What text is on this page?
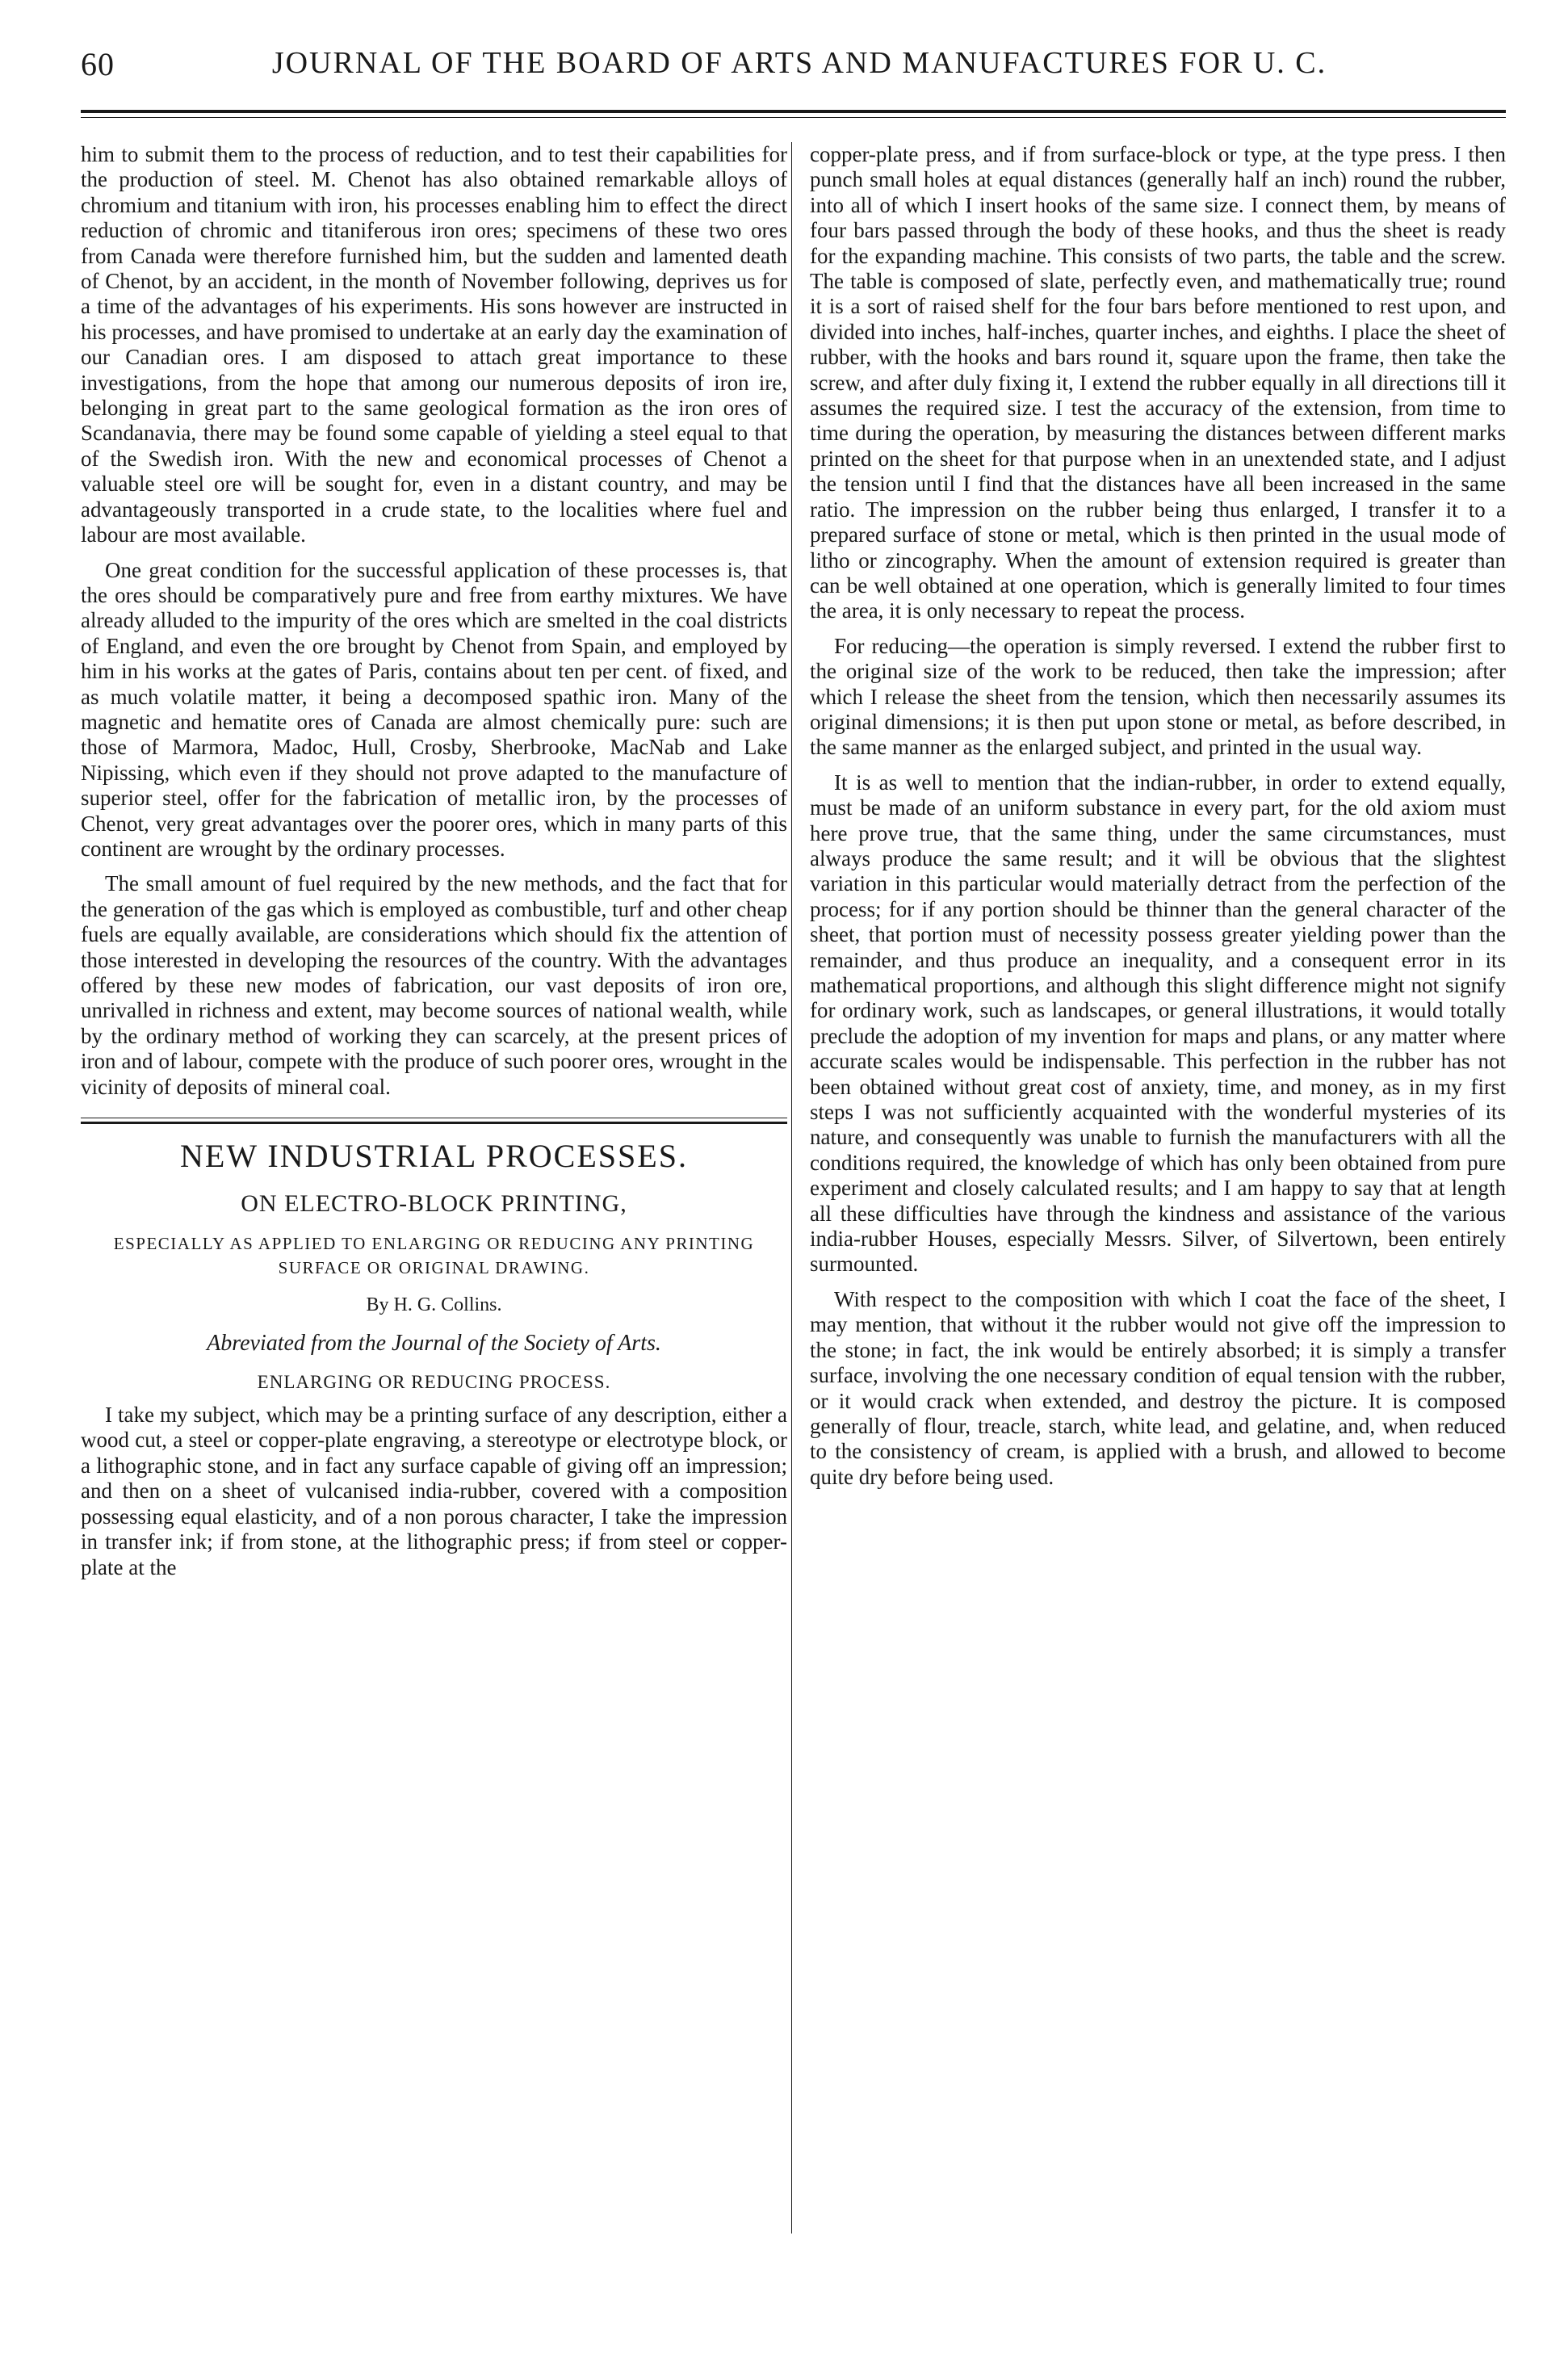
60	JOURNAL OF THE BOARD OF ARTS AND MANUFACTURES FOR U. C.

him to submit them to the process of reduction, and to test their capabilities for the production of steel. M. Chenot has also obtained remarkable alloys of chromium and titanium with iron, his processes enabling him to effect the direct reduction of chromic and titaniferous iron ores; specimens of these two ores from Canada were therefore furnished him, but the sudden and lamented death of Chenot, by an accident, in the month of November following, deprives us for a time of the advantages of his experiments. His sons however are instructed in his processes, and have promised to undertake at an early day the examination of our Canadian ores. I am disposed to attach great importance to these investigations, from the hope that among our numerous deposits of iron ire, belonging in great part to the same geological formation as the iron ores of Scandanavia, there may be found some capable of yielding a steel equal to that of the Swedish iron. With the new and economical processes of Chenot a valuable steel ore will be sought for, even in a distant country, and may be advantageously transported in a crude state, to the localities where fuel and labour are most available.

One great condition for the successful application of these processes is, that the ores should be comparatively pure and free from earthy mixtures. We have already alluded to the impurity of the ores which are smelted in the coal districts of England, and even the ore brought by Chenot from Spain, and employed by him in his works at the gates of Paris, contains about ten per cent. of fixed, and as much volatile matter, it being a decomposed spathic iron. Many of the magnetic and hematite ores of Canada are almost chemically pure: such are those of Marmora, Madoc, Hull, Crosby, Sherbrooke, MacNab and Lake Nipissing, which even if they should not prove adapted to the manufacture of superior steel, offer for the fabrication of metallic iron, by the processes of Chenot, very great advantages over the poorer ores, which in many parts of this continent are wrought by the ordinary processes.

The small amount of fuel required by the new methods, and the fact that for the generation of the gas which is employed as combustible, turf and other cheap fuels are equally available, are considerations which should fix the attention of those interested in developing the resources of the country. With the advantages offered by these new modes of fabrication, our vast deposits of iron ore, unrivalled in richness and extent, may become sources of national wealth, while by the ordinary method of working they can scarcely, at the present prices of iron and of labour, compete with the produce of such poorer ores, wrought in the vicinity of deposits of mineral coal.

NEW INDUSTRIAL PROCESSES.
ON ELECTRO-BLOCK PRINTING,
ESPECIALLY AS APPLIED TO ENLARGING OR REDUCING ANY PRINTING SURFACE OR ORIGINAL DRAWING.
By H. G. Collins.
Abreviated from the Journal of the Society of Arts.
ENLARGING OR REDUCING PROCESS.

I take my subject, which may be a printing surface of any description, either a wood cut, a steel or copper-plate engraving, a stereotype or electrotype block, or a lithographic stone, and in fact any surface capable of giving off an impression; and then on a sheet of vulcanised india-rubber, covered with a composition possessing equal elasticity, and of a non porous character, I take the impression in transfer ink; if from stone, at the lithographic press; if from steel or copper-plate at the

copper-plate press, and if from surface-block or type, at the type press. I then punch small holes at equal distances (generally half an inch) round the rubber, into all of which I insert hooks of the same size. I connect them, by means of four bars passed through the body of these hooks, and thus the sheet is ready for the expanding machine. This consists of two parts, the table and the screw. The table is composed of slate, perfectly even, and mathematically true; round it is a sort of raised shelf for the four bars before mentioned to rest upon, and divided into inches, half-inches, quarter inches, and eighths. I place the sheet of rubber, with the hooks and bars round it, square upon the frame, then take the screw, and after duly fixing it, I extend the rubber equally in all directions till it assumes the required size. I test the accuracy of the extension, from time to time during the operation, by measuring the distances between different marks printed on the sheet for that purpose when in an unextended state, and I adjust the tension until I find that the distances have all been increased in the same ratio. The impression on the rubber being thus enlarged, I transfer it to a prepared surface of stone or metal, which is then printed in the usual mode of litho or zincography. When the amount of extension required is greater than can be well obtained at one operation, which is generally limited to four times the area, it is only necessary to repeat the process.

For reducing—the operation is simply reversed. I extend the rubber first to the original size of the work to be reduced, then take the impression; after which I release the sheet from the tension, which then necessarily assumes its original dimensions; it is then put upon stone or metal, as before described, in the same manner as the enlarged subject, and printed in the usual way.

It is as well to mention that the indian-rubber, in order to extend equally, must be made of an uniform substance in every part, for the old axiom must here prove true, that the same thing, under the same circumstances, must always produce the same result; and it will be obvious that the slightest variation in this particular would materially detract from the perfection of the process; for if any portion should be thinner than the general character of the sheet, that portion must of necessity possess greater yielding power than the remainder, and thus produce an inequality, and a consequent error in its mathematical proportions, and although this slight difference might not signify for ordinary work, such as landscapes, or general illustrations, it would totally preclude the adoption of my invention for maps and plans, or any matter where accurate scales would be indispensable. This perfection in the rubber has not been obtained without great cost of anxiety, time, and money, as in my first steps I was not sufficiently acquainted with the wonderful mysteries of its nature, and consequently was unable to furnish the manufacturers with all the conditions required, the knowledge of which has only been obtained from pure experiment and closely calculated results; and I am happy to say that at length all these difficulties have through the kindness and assistance of the various india-rubber Houses, especially Messrs. Silver, of Silvertown, been entirely surmounted.

With respect to the composition with which I coat the face of the sheet, I may mention, that without it the rubber would not give off the impression to the stone; in fact, the ink would be entirely absorbed; it is simply a transfer surface, involving the one necessary condition of equal tension with the rubber, or it would crack when extended, and destroy the picture. It is composed generally of flour, treacle, starch, white lead, and gelatine, and, when reduced to the consistency of cream, is applied with a brush, and allowed to become quite dry before being used.
